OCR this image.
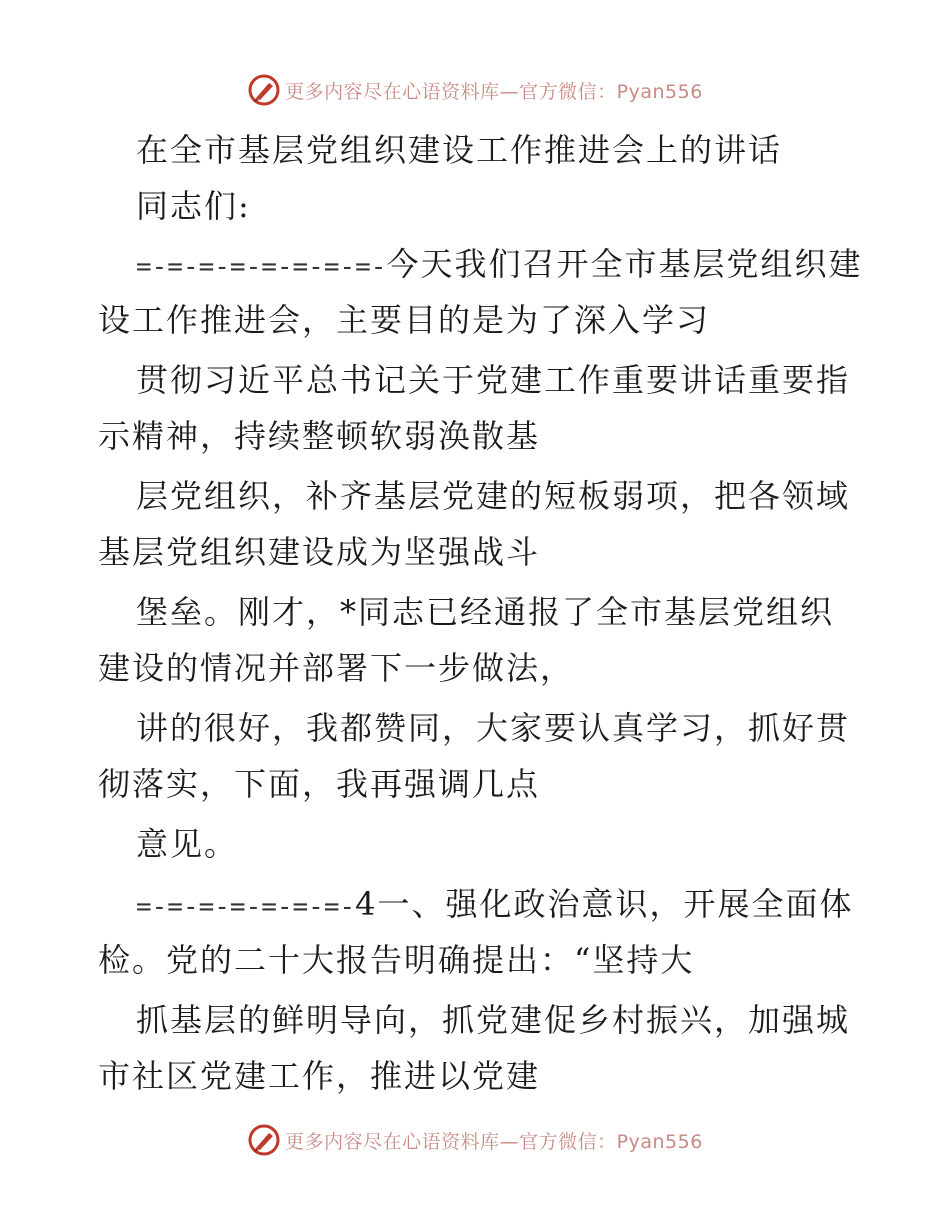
更多内容尽在心语资料库—官方微信：Pyan556
在全市基层党组织建设工作推进会上的讲话
同志们:
=-=-=-=-=-=-=-=-今天我们召开全市基层党组织建
设工作推进会，主要目的是为了深入学习
贯彻习近平总书记关于党建工作重要讲话重要指
示精神，持续整顿软弱涣散基
层党组织，补齐基层党建的短板弱项，把各领域
基层党组织建设成为坚强战斗
堡垒。刚才，*同志已经通报了全市基层党组织
建设的情况并部署下一步做法，
讲的很好，我都赞同，大家要认真学习，抓好贯
彻落实，下面，我再强调几点
意见。
=-=-=-=-=-=-=-4一、强化政治意识，开展全面体
检。党的二十大报告明确提出：“坚持大
抓基层的鲜明导向，抓党建促乡村振兴，加强城
市社区党建工作，推进以党建
更多内容尽在心语资料库—官方微信：Pyan556
